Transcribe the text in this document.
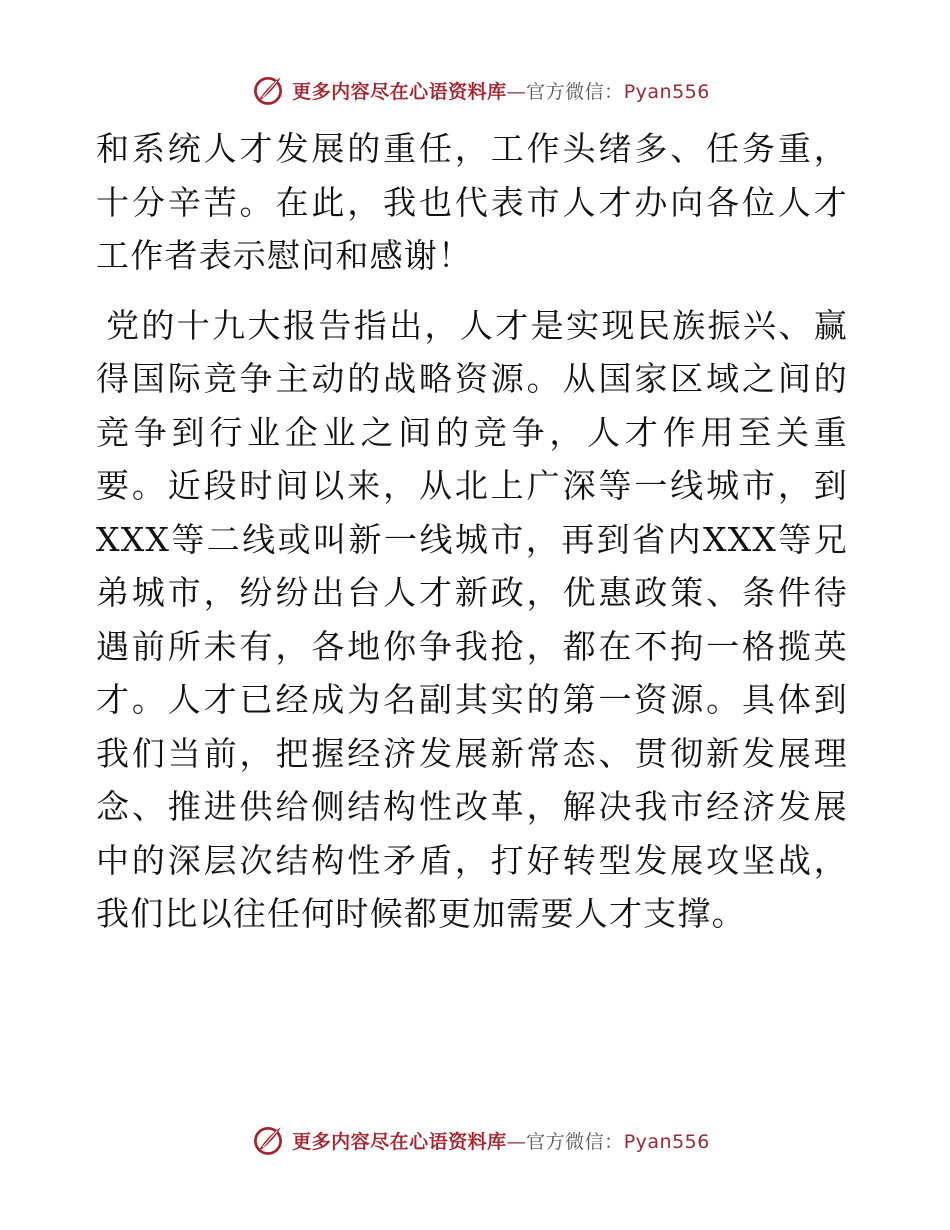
更多内容尽在心语资料库—官方微信：Pyan556

和系统人才发展的重任，工作头绪多、任务重，十分辛苦。在此，我也代表市人才办向各位人才工作者表示慰问和感谢！

党的十九大报告指出，人才是实现民族振兴、赢得国际竞争主动的战略资源。从国家区域之间的竞争到行业企业之间的竞争，人才作用至关重要。近段时间以来，从北上广深等一线城市，到XXX等二线或叫新一线城市，再到省内XXX等兄弟城市，纷纷出台人才新政，优惠政策、条件待遇前所未有，各地你争我抢，都在不拘一格揽英才。人才已经成为名副其实的第一资源。具体到我们当前，把握经济发展新常态、贯彻新发展理念、推进供给侧结构性改革，解决我市经济发展中的深层次结构性矛盾，打好转型发展攻坚战，我们比以往任何时候都更加需要人才支撑。

更多内容尽在心语资料库—官方微信：Pyan556
